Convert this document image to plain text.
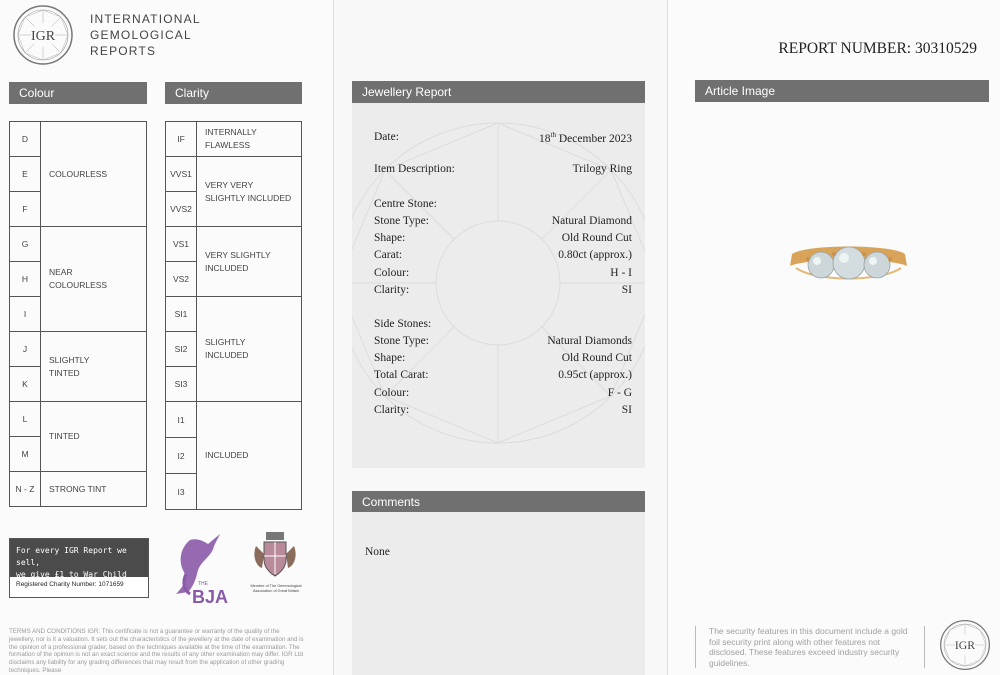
IGR
INTERNATIONAL
GEMOLOGICAL
REPORTS
Colour
D	COLOURLESS
E	
F	
G	NEAR
COLOURLESS
H	
I	
J	SLIGHTLY
TINTED
K	
L	TINTED
M	
N - Z	STRONG TINT
Clarity
IF	INTERNALLY FLAWLESS
VVS1	VERY VERY
SLIGHTLY INCLUDED
VVS2	
VS1	VERY SLIGHTLY
INCLUDED
VS2	
SI1	SLIGHTLY
INCLUDED
SI2	
SI3	
I1	INCLUDED
I2	
I3	
For every IGR Report we sell,
we give £1 to War Child
Registered Charity Number: 1071659	THE
BJA
Member of The Gemmological Association of Great Britain
TERMS AND CONDITIONS IGR: This certificate is not a guarantee or warranty of the quality of the jewellery, nor is it a valuation. It sets out the characteristics of the jewellery at the date of examination and is the opinion of a professional grader, based on the techniques available at the time of the examination. The formation of the opinion is not an exact science and the results of any other examination may differ. IGR Ltd disclaims any liability for any grading differences that may result from the application of other grading techniques. Please
Jewellery Report
Date:	18th December 2023
Item Description:	Trilogy Ring
Centre Stone:
Stone Type:	Natural Diamond
Shape:	Old Round Cut
Carat:	0.80ct (approx.)
Colour:	H - I
Clarity:	SI
Side Stones:
Stone Type:	Natural Diamonds
Shape:	Old Round Cut
Total Carat:	0.95ct (approx.)
Colour:	F - G
Clarity:	SI
Comments
None
REPORT NUMBER: 30310529
Article Image
The security features in this document include a gold foil security print along with other features not disclosed. These features exceed industry security guidelines.
IGR
